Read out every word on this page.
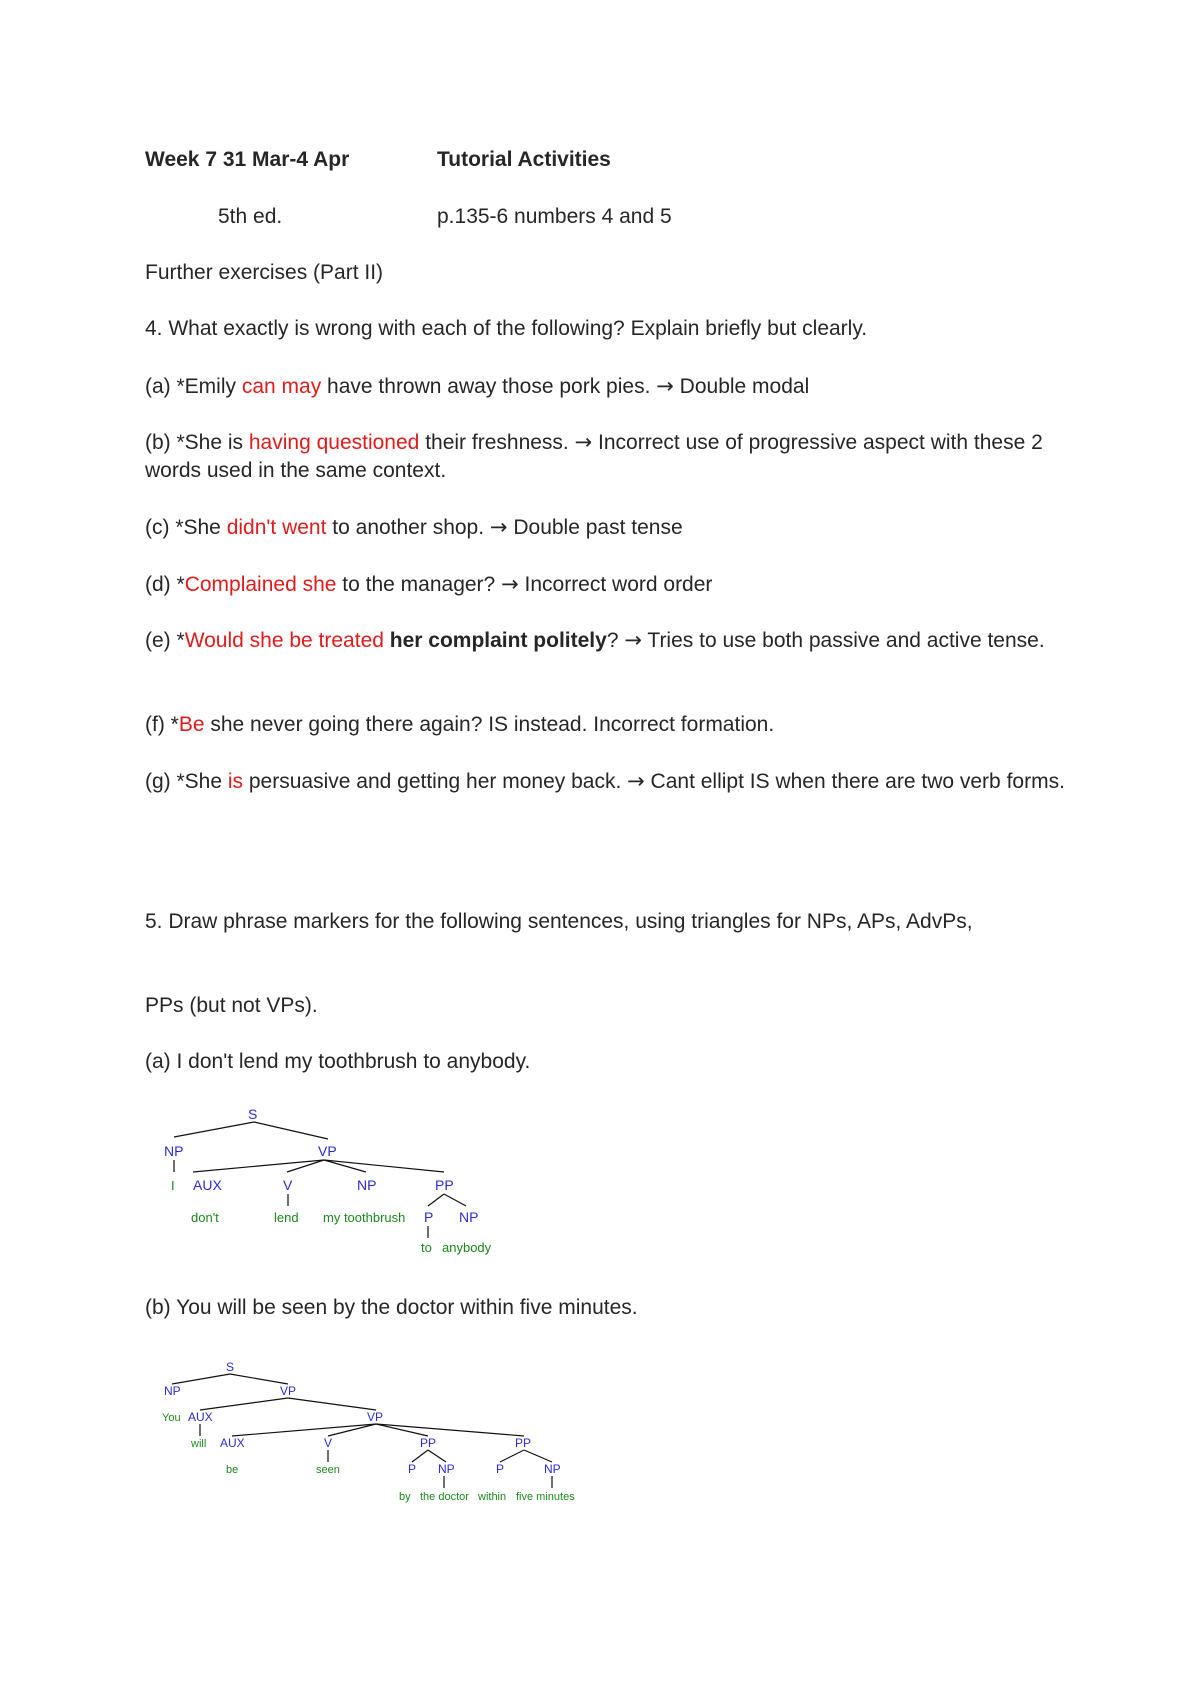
Week 7 31 Mar-4 Apr	Tutorial Activities

5th ed.	p.135-6 numbers 4 and 5

Further exercises (Part II)

4. What exactly is wrong with each of the following? Explain briefly but clearly.

(a) *Emily can may have thrown away those pork pies. → Double modal

(b) *She is having questioned their freshness. → Incorrect use of progressive aspect with these 2 words used in the same context.

(c) *She didn't went to another shop. → Double past tense

(d) *Complained she to the manager? → Incorrect word order

(e) *Would she be treated her complaint politely? → Tries to use both passive and active tense.

(f) *Be she never going there again? IS instead. Incorrect formation.

(g) *She is persuasive and getting her money back. → Cant ellipt IS when there are two verb forms.

5. Draw phrase markers for the following sentences, using triangles for NPs, APs, AdvPs,

PPs (but not VPs).

(a) I don't lend my toothbrush to anybody.

S
NP	VP
I AUX	V	NP	PP
don't	lend my toothbrush P NP
to anybody

(b) You will be seen by the doctor within five minutes.

S
NP	VP
You AUX	VP
will AUX	V	PP	PP
be	seen	P NP	P	NP
by the doctor within five minutes
